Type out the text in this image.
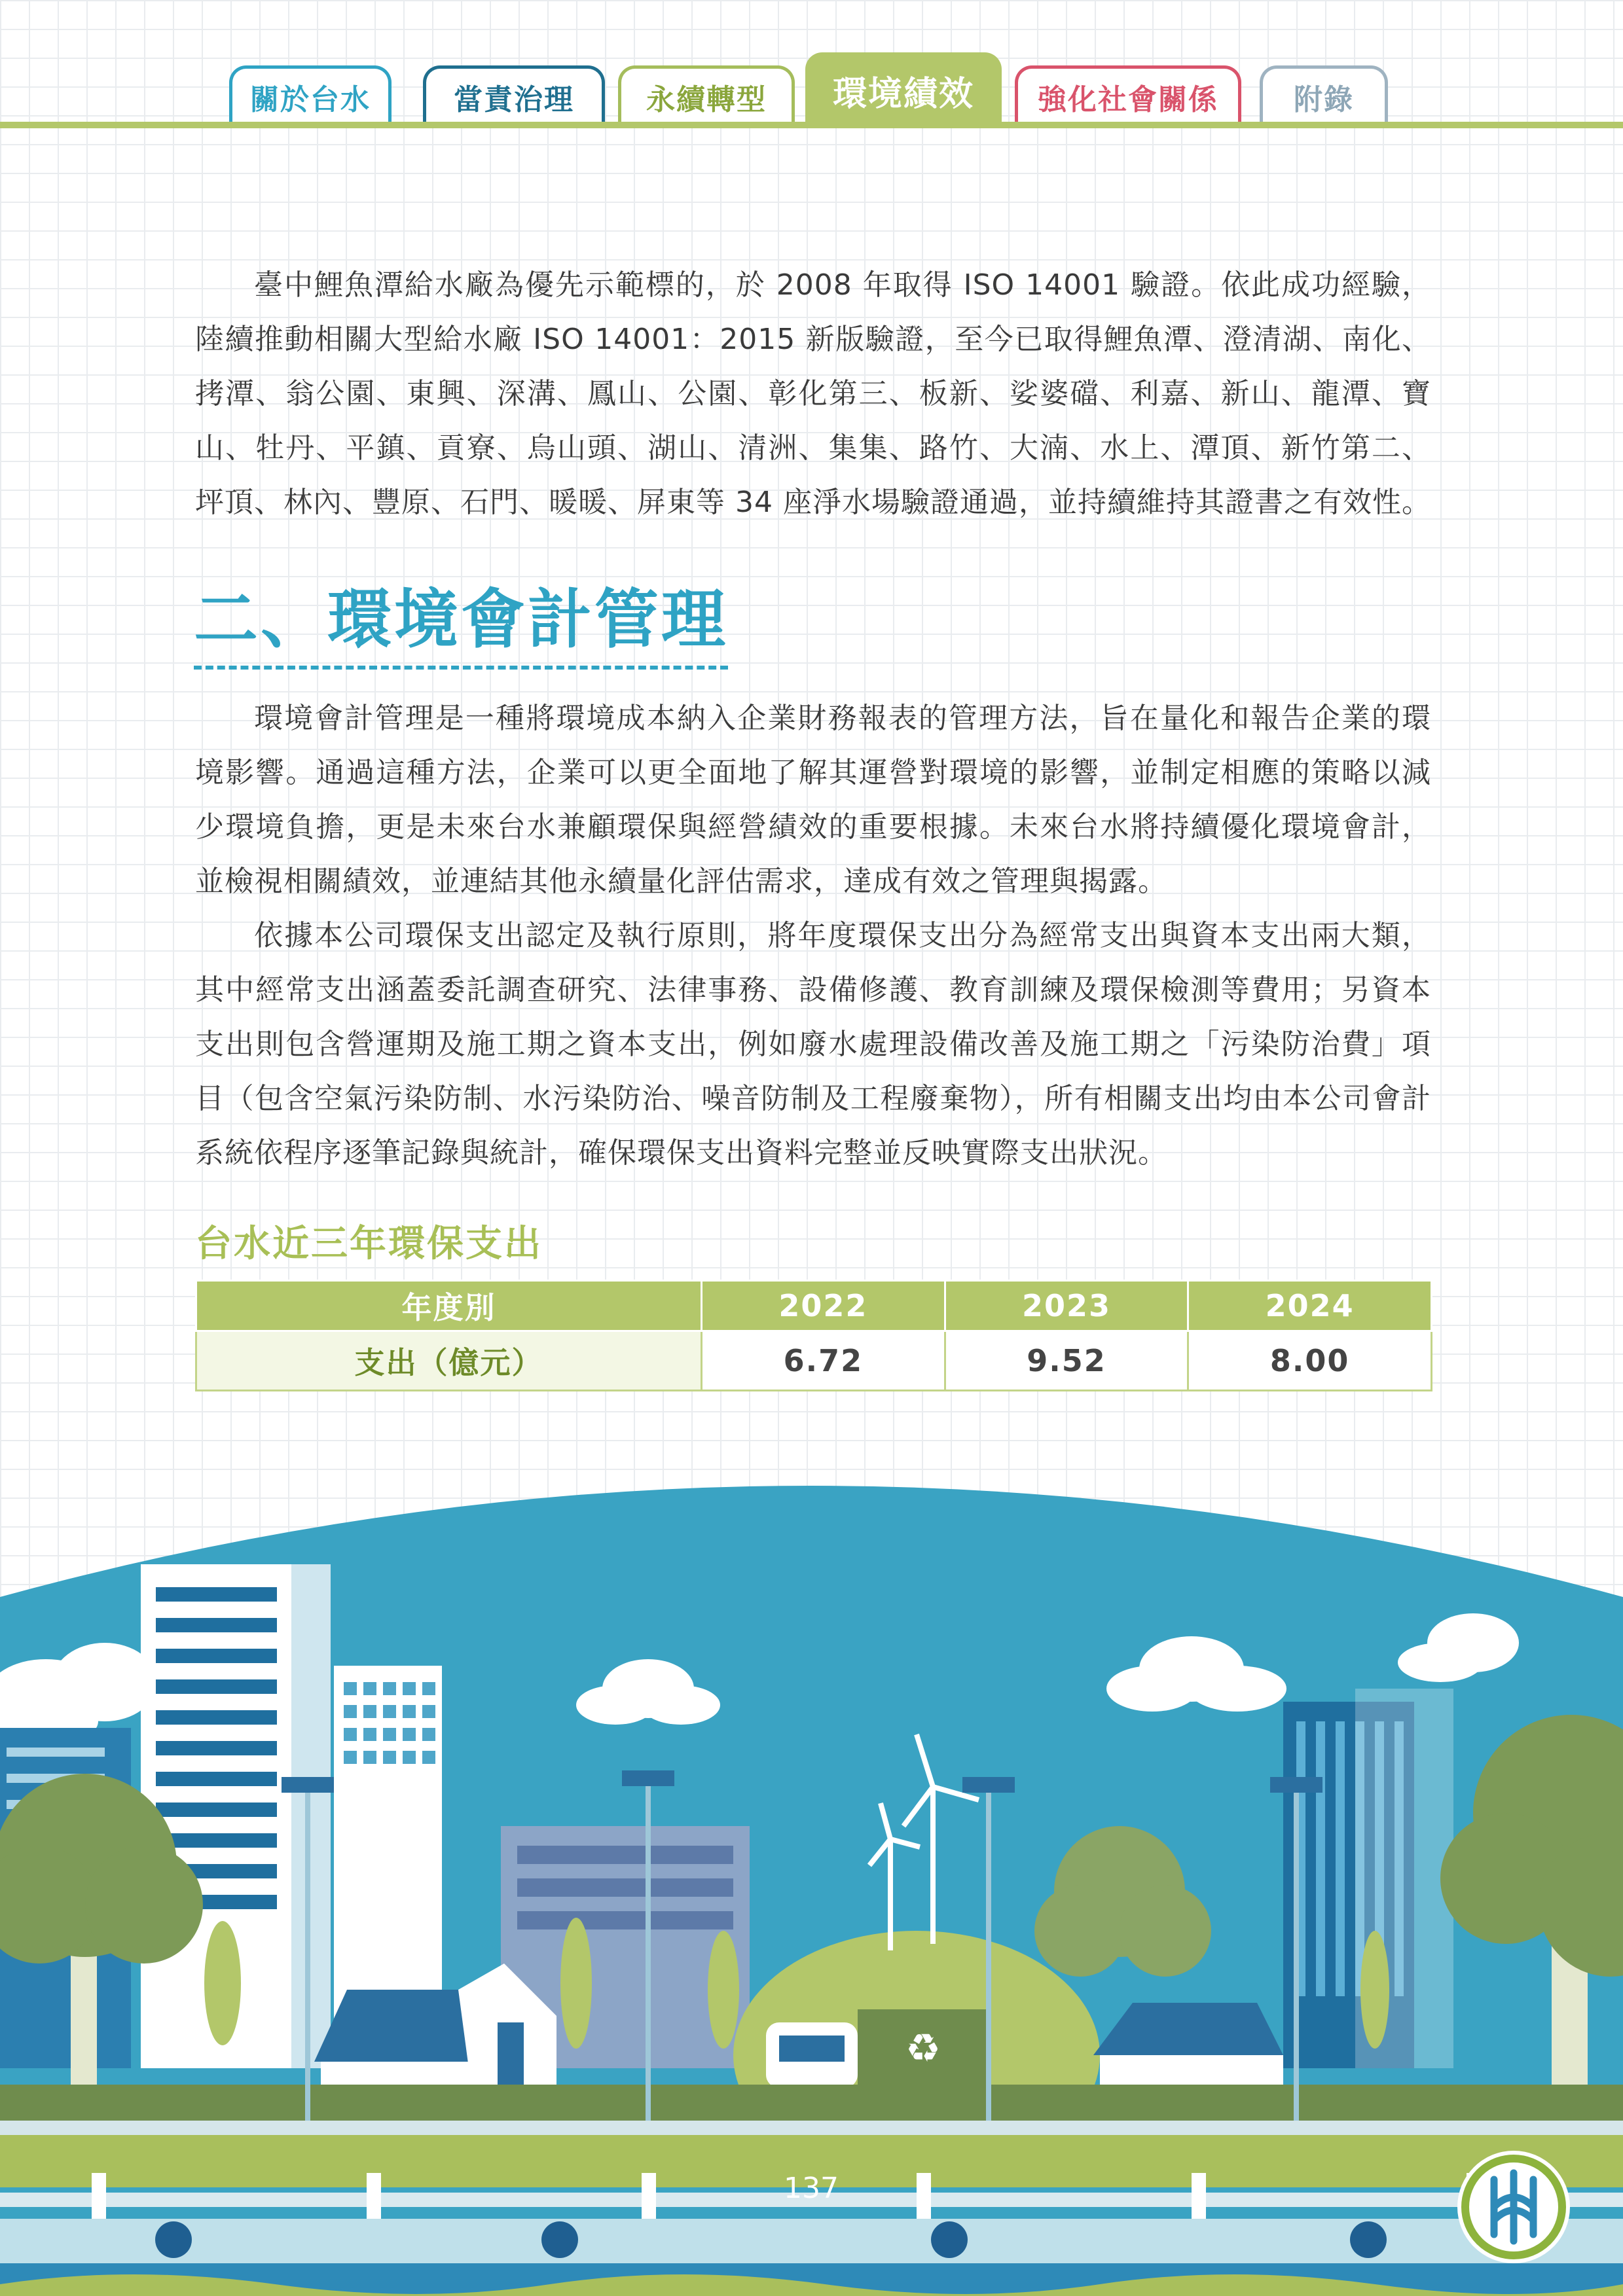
關於台水	當責治理	永續轉型	環境績效	強化社會關係	附錄

臺中鯉魚潭給水廠為優先示範標的，於 2008 年取得 ISO 14001 驗證。依此成功經驗，陸續推動相關大型給水廠 ISO 14001：2015 新版驗證，至今已取得鯉魚潭、澄清湖、南化、拷潭、翁公園、東興、深溝、鳳山、公園、彰化第三、板新、娑婆礑、利嘉、新山、龍潭、寶山、牡丹、平鎮、貢寮、烏山頭、湖山、清洲、集集、路竹、大湳、水上、潭頂、新竹第二、坪頂、林內、豐原、石門、暖暖、屏東等 34 座淨水場驗證通過，並持續維持其證書之有效性。

二、環境會計管理

環境會計管理是一種將環境成本納入企業財務報表的管理方法，旨在量化和報告企業的環境影響。通過這種方法，企業可以更全面地了解其運營對環境的影響，並制定相應的策略以減少環境負擔，更是未來台水兼顧環保與經營績效的重要根據。未來台水將持續優化環境會計，並檢視相關績效，並連結其他永續量化評估需求，達成有效之管理與揭露。

依據本公司環保支出認定及執行原則，將年度環保支出分為經常支出與資本支出兩大類，其中經常支出涵蓋委託調查研究、法律事務、設備修護、教育訓練及環保檢測等費用；另資本支出則包含營運期及施工期之資本支出，例如廢水處理設備改善及施工期之「污染防治費」項目（包含空氣污染防制、水污染防治、噪音防制及工程廢棄物），所有相關支出均由本公司會計系統依程序逐筆記錄與統計，確保環保支出資料完整並反映實際支出狀況。

台水近三年環保支出
年度別	2022	2023	2024
支出（億元）	6.72	9.52	8.00
♻
137
